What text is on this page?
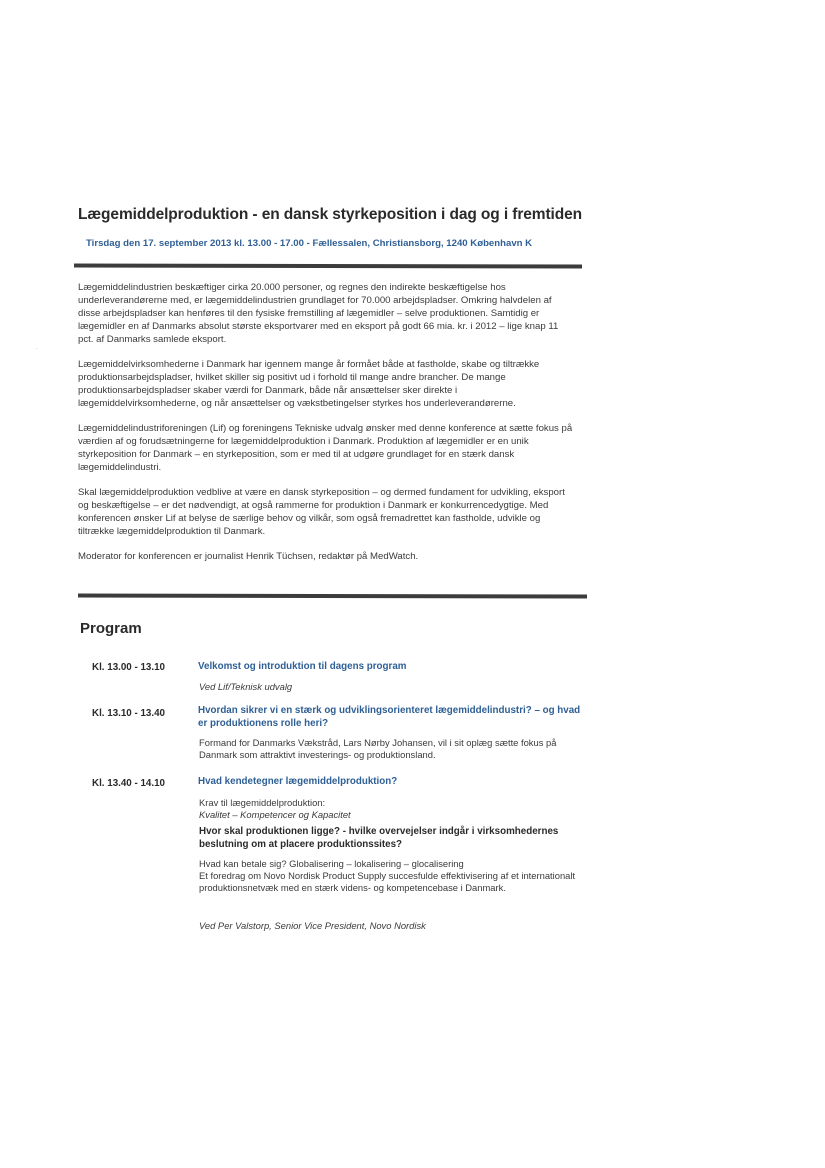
Lægemiddelproduktion - en dansk styrkeposition i dag og i fremtiden
Tirsdag den 17. september 2013 kl. 13.00 - 17.00 - Fællessalen, Christiansborg, 1240 København K

Lægemiddelindustrien beskæftiger cirka 20.000 personer, og regnes den indirekte beskæftigelse hos underleverandørerne med, er lægemiddelindustrien grundlaget for 70.000 arbejdspladser. Omkring halvdelen af disse arbejdspladser kan henføres til den fysiske fremstilling af lægemidler – selve produktionen. Samtidig er lægemidler en af Danmarks absolut største eksportvarer med en eksport på godt 66 mia. kr. i 2012 – lige knap 11 pct. af Danmarks samlede eksport.

Lægemiddelvirksomhederne i Danmark har igennem mange år formået både at fastholde, skabe og tiltrække produktionsarbejdspladser, hvilket skiller sig positivt ud i forhold til mange andre brancher. De mange produktionsarbejdspladser skaber værdi for Danmark, både når ansættelser sker direkte i lægemiddelvirksomhederne, og når ansættelser og vækstbetingelser styrkes hos underleverandørerne.

Lægemiddelindustriforeningen (Lif) og foreningens Tekniske udvalg ønsker med denne konference at sætte fokus på værdien af og forudsætningerne for lægemiddelproduktion i Danmark. Produktion af lægemidler er en unik styrkeposition for Danmark – en styrkeposition, som er med til at udgøre grundlaget for en stærk dansk lægemiddelindustri.

Skal lægemiddelproduktion vedblive at være en dansk styrkeposition – og dermed fundament for udvikling, eksport og beskæftigelse – er det nødvendigt, at også rammerne for produktion i Danmark er konkurrencedygtige. Med konferencen ønsker Lif at belyse de særlige behov og vilkår, som også fremadrettet kan fastholde, udvikle og tiltrække lægemiddelproduktion til Danmark.

Moderator for konferencen er journalist Henrik Tüchsen, redaktør på MedWatch.

Program
Kl. 13.00 - 13.10	Velkomst og introduktion til dagens program
Ved Lif/Teknisk udvalg
Kl. 13.10 - 13.40	Hvordan sikrer vi en stærk og udviklingsorienteret lægemiddelindustri? – og hvad er produktionens rolle heri?
Formand for Danmarks Vækstråd, Lars Nørby Johansen, vil i sit oplæg sætte fokus på Danmark som attraktivt investerings- og produktionsland.
Kl. 13.40 - 14.10	Hvad kendetegner lægemiddelproduktion?
Krav til lægemiddelproduktion:
Kvalitet – Kompetencer og Kapacitet
Hvor skal produktionen ligge? - hvilke overvejelser indgår i virksomhedernes beslutning om at placere produktionssites?
Hvad kan betale sig? Globalisering – lokalisering – glocalisering
Et foredrag om Novo Nordisk Product Supply succesfulde effektivisering af et internationalt produktionsnetvæk med en stærk videns- og kompetencebase i Danmark.
Ved Per Valstorp, Senior Vice President, Novo Nordisk
